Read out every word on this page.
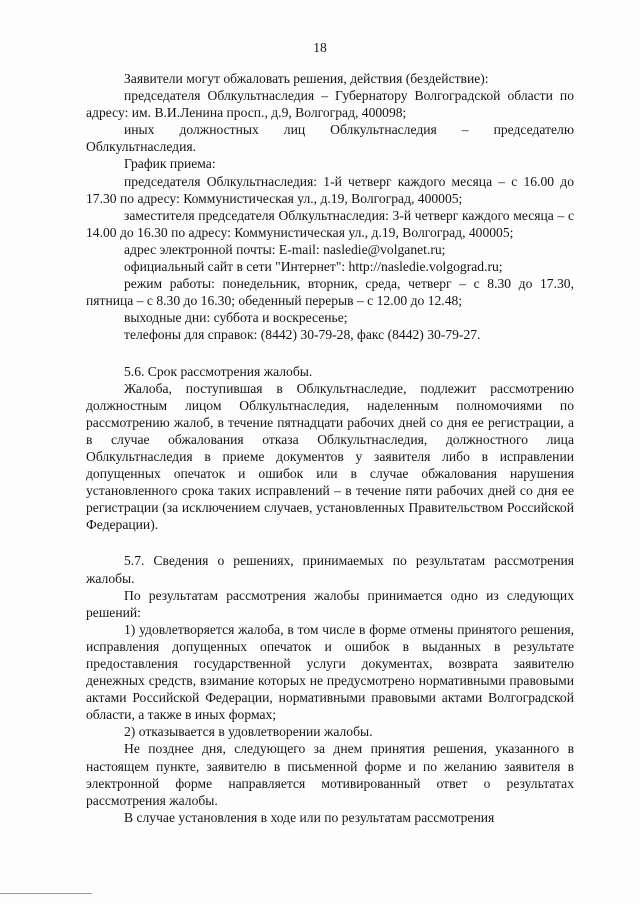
18

Заявители могут обжаловать решения, действия (бездействие):

председателя Облкультнаследия – Губернатору Волгоградской области по адресу: им. В.И.Ленина просп., д.9, Волгоград, 400098;

иных должностных лиц Облкультнаследия – председателю Облкультнаследия.

График приема:

председателя Облкультнаследия: 1-й четверг каждого месяца – с 16.00 до 17.30 по адресу: Коммунистическая ул., д.19, Волгоград, 400005;

заместителя председателя Облкультнаследия: 3-й четверг каждого месяца – с 14.00 до 16.30 по адресу: Коммунистическая ул., д.19, Волгоград, 400005;

адрес электронной почты: E-mail: nasledie@volganet.ru;

официальный сайт в сети "Интернет": http://nasledie.volgograd.ru;

режим работы: понедельник, вторник, среда, четверг – с 8.30 до 17.30, пятница – с 8.30 до 16.30; обеденный перерыв – с 12.00 до 12.48;

выходные дни: суббота и воскресенье;

телефоны для справок: (8442) 30-79-28, факс (8442) 30-79-27.

5.6. Срок рассмотрения жалобы.

Жалоба, поступившая в Облкультнаследие, подлежит рассмотрению должностным лицом Облкультнаследия, наделенным полномочиями по рассмотрению жалоб, в течение пятнадцати рабочих дней со дня ее регистрации, а в случае обжалования отказа Облкультнаследия, должностного лица Облкультнаследия в приеме документов у заявителя либо в исправлении допущенных опечаток и ошибок или в случае обжалования нарушения установленного срока таких исправлений – в течение пяти рабочих дней со дня ее регистрации (за исключением случаев, установленных Правительством Российской Федерации).

5.7. Сведения о решениях, принимаемых по результатам рассмотрения жалобы.

По результатам рассмотрения жалобы принимается одно из следующих решений:

1) удовлетворяется жалоба, в том числе в форме отмены принятого решения, исправления допущенных опечаток и ошибок в выданных в результате предоставления государственной услуги документах, возврата заявителю денежных средств, взимание которых не предусмотрено нормативными правовыми актами Российской Федерации, нормативными правовыми актами Волгоградской области, а также в иных формах;

2) отказывается в удовлетворении жалобы.

Не позднее дня, следующего за днем принятия решения, указанного в настоящем пункте, заявителю в письменной форме и по желанию заявителя в электронной форме направляется мотивированный ответ о результатах рассмотрения жалобы.

В случае установления в ходе или по результатам рассмотрения
